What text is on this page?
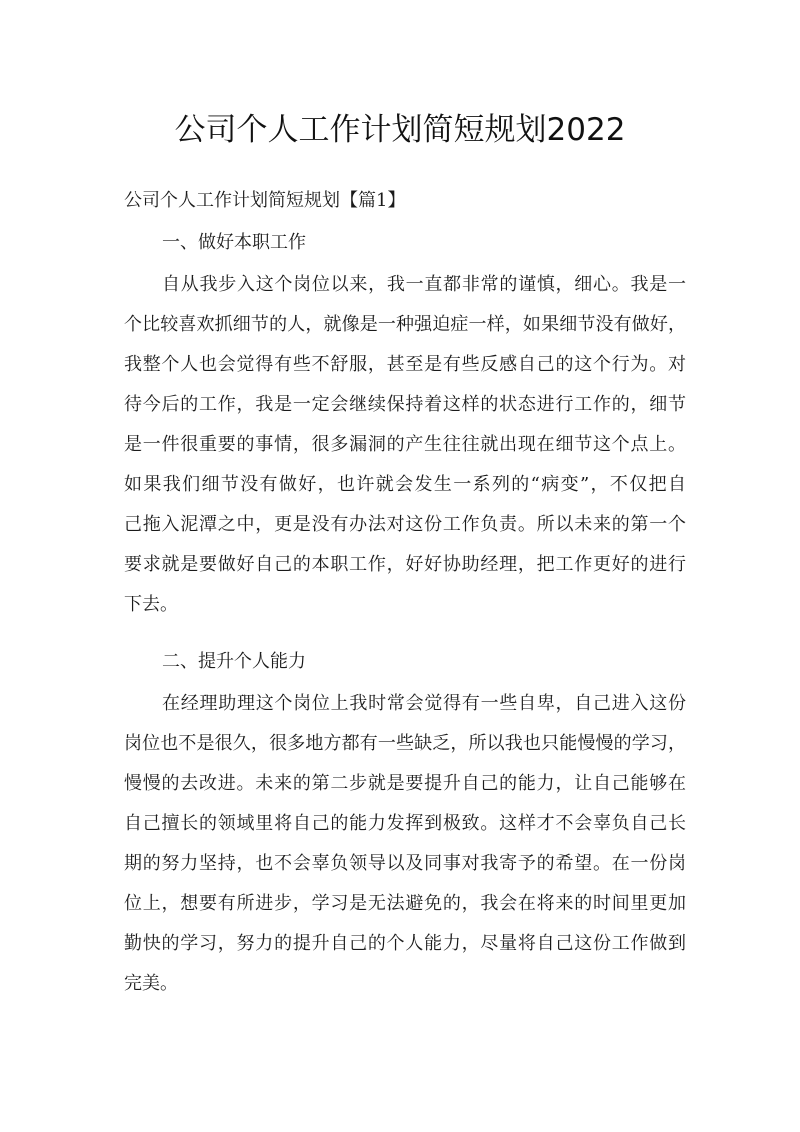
公司个人工作计划简短规划2022

公司个人工作计划简短规划【篇1】

一、做好本职工作
自从我步入这个岗位以来，我一直都非常的谨慎，细心。我是一
个比较喜欢抓细节的人，就像是一种强迫症一样，如果细节没有做好，
我整个人也会觉得有些不舒服，甚至是有些反感自己的这个行为。对
待今后的工作，我是一定会继续保持着这样的状态进行工作的，细节
是一件很重要的事情，很多漏洞的产生往往就出现在细节这个点上。
如果我们细节没有做好，也许就会发生一系列的“病变”，不仅把自
己拖入泥潭之中，更是没有办法对这份工作负责。所以未来的第一个
要求就是要做好自己的本职工作，好好协助经理，把工作更好的进行
下去。
二、提升个人能力
在经理助理这个岗位上我时常会觉得有一些自卑，自己进入这份
岗位也不是很久，很多地方都有一些缺乏，所以我也只能慢慢的学习，
慢慢的去改进。未来的第二步就是要提升自己的能力，让自己能够在
自己擅长的领域里将自己的能力发挥到极致。这样才不会辜负自己长
期的努力坚持，也不会辜负领导以及同事对我寄予的希望。在一份岗
位上，想要有所进步，学习是无法避免的，我会在将来的时间里更加
勤快的学习，努力的提升自己的个人能力，尽量将自己这份工作做到
完美。
